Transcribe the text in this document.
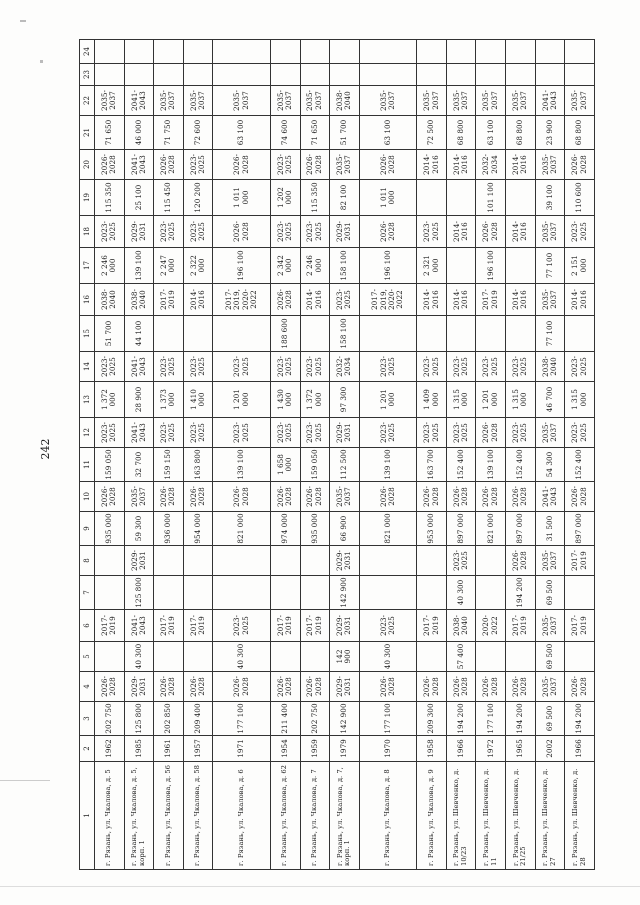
242
1	2	3	4	5	6	7	8	9	10	11	12	13	14	15	16	17	18	19	20	21	22	23	24
г. Рязань, ул. Чкалова, д. 5	1962	202 750	2026-2028		2017-2019			935 000	2026-2028	159 050	2023-2025	1 372 000	2023-2025	51 700	2038-2040	2 246 000	2023-2025	115 350	2026-2028	71 650	2035-2037		
г. Рязань, ул. Чкалова, д. 5, корп. 1	1985	125 800	2029-2031	40 300	2041-2043	125 800	2029-2031	59 300	2035-2037	32 700	2041-2043	28 900	2041-2043	44 100	2038-2040	139 100	2029-2031	25 100	2041-2043	46 000	2041-2043		
г. Рязань, ул. Чкалова, д. 56	1961	202 850	2026-2028		2017-2019			936 000	2026-2028	159 150	2023-2025	1 373 000	2023-2025		2017-2019	2 247 000	2023-2025	115 450	2026-2028	71 750	2035-2037		
г. Рязань, ул. Чкалова, д. 58	1957	209 400	2026-2028		2017-2019			954 000	2026-2028	163 800	2023-2025	1 410 000	2023-2025		2014-2016	2 322 000	2023-2025	120 200	2023-2025	72 600	2035-2037		
г. Рязань, ул. Чкалова, д. 6	1971	177 100	2026-2028	40 300	2023-2025			821 000	2026-2028	139 100	2023-2025	1 201 000	2023-2025		2017-2019, 2020-2022	196 100	2026-2028	1 011 000	2026-2028	63 100	2035-2037		
г. Рязань, ул. Чкалова, д. 62	1954	211 400	2026-2028		2017-2019			974 000	2026-2028	1 658 000	2023-2025	1 430 000	2023-2025	188 600	2026-2028	2 342 000	2023-2025	1 202 000	2023-2025	74 600	2035-2037		
г. Рязань, ул. Чкалова, д. 7	1959	202 750	2026-2028		2017-2019			935 000	2026-2028	159 050	2023-2025	1 372 000	2023-2025		2014-2016	2 246 000	2023-2025	115 350	2026-2028	71 650	2035-2037		
г. Рязань, ул. Чкалова, д. 7, корп. 1	1979	142 900	2029-2031	142 900	2029-2031	142 900	2029-2031	66 900	2035-2037	112 500	2029-2031	97 300	2032-2034	158 100	2023-2025	158 100	2029-2031	82 100	2035-2037	51 700	2038-2040		
г. Рязань, ул. Чкалова, д. 8	1970	177 100	2026-2028	40 300	2023-2025			821 000	2026-2028	139 100	2023-2025	1 201 000	2023-2025		2017-2019, 2020-2022	196 100	2026-2028	1 011 000	2026-2028	63 100	2035-2037		
г. Рязань, ул. Чкалова, д. 9	1958	209 300	2026-2028		2017-2019			953 000	2026-2028	163 700	2023-2025	1 409 000	2023-2025		2014-2016	2 321 000	2023-2025		2014-2016	72 500	2035-2037		
г. Рязань, ул. Шевченко, д. 10/23	1966	194 200	2026-2028	57 400	2038-2040	40 300	2023-2025	897 000	2026-2028	152 400	2023-2025	1 315 000	2023-2025		2014-2016		2014-2016		2014-2016	68 800	2035-2037		
г. Рязань, ул. Шевченко, д. 11	1972	177 100	2026-2028		2020-2022			821 000	2026-2028	139 100	2026-2028	1 201 000	2023-2025		2017-2019	196 100	2026-2028	101 100	2032-2034	63 100	2035-2037		
г. Рязань, ул. Шевченко, д. 21/25	1965	194 200	2026-2028		2017-2019	194 200	2026-2028	897 000	2026-2028	152 400	2023-2025	1 315 000	2023-2025		2014-2016		2014-2016		2014-2016	68 800	2035-2037		
г. Рязань, ул. Шевченко, д. 27	2002	69 500	2035-2037	69 500	2035-2037	69 500	2035-2037	31 500	2041-2043	54 300	2035-2037	46 700	2038-2040	77 100	2035-2037	77 100	2035-2037	39 100	2035-2037	23 900	2041-2043		
г. Рязань, ул. Шевченко, д. 28	1966	194 200	2026-2028		2017-2019		2017-2019	897 000	2026-2028	152 400	2023-2025	1 315 000	2023-2025		2014-2016	2 151 000	2023-2025	110 600	2026-2028	68 800	2035-2037		
